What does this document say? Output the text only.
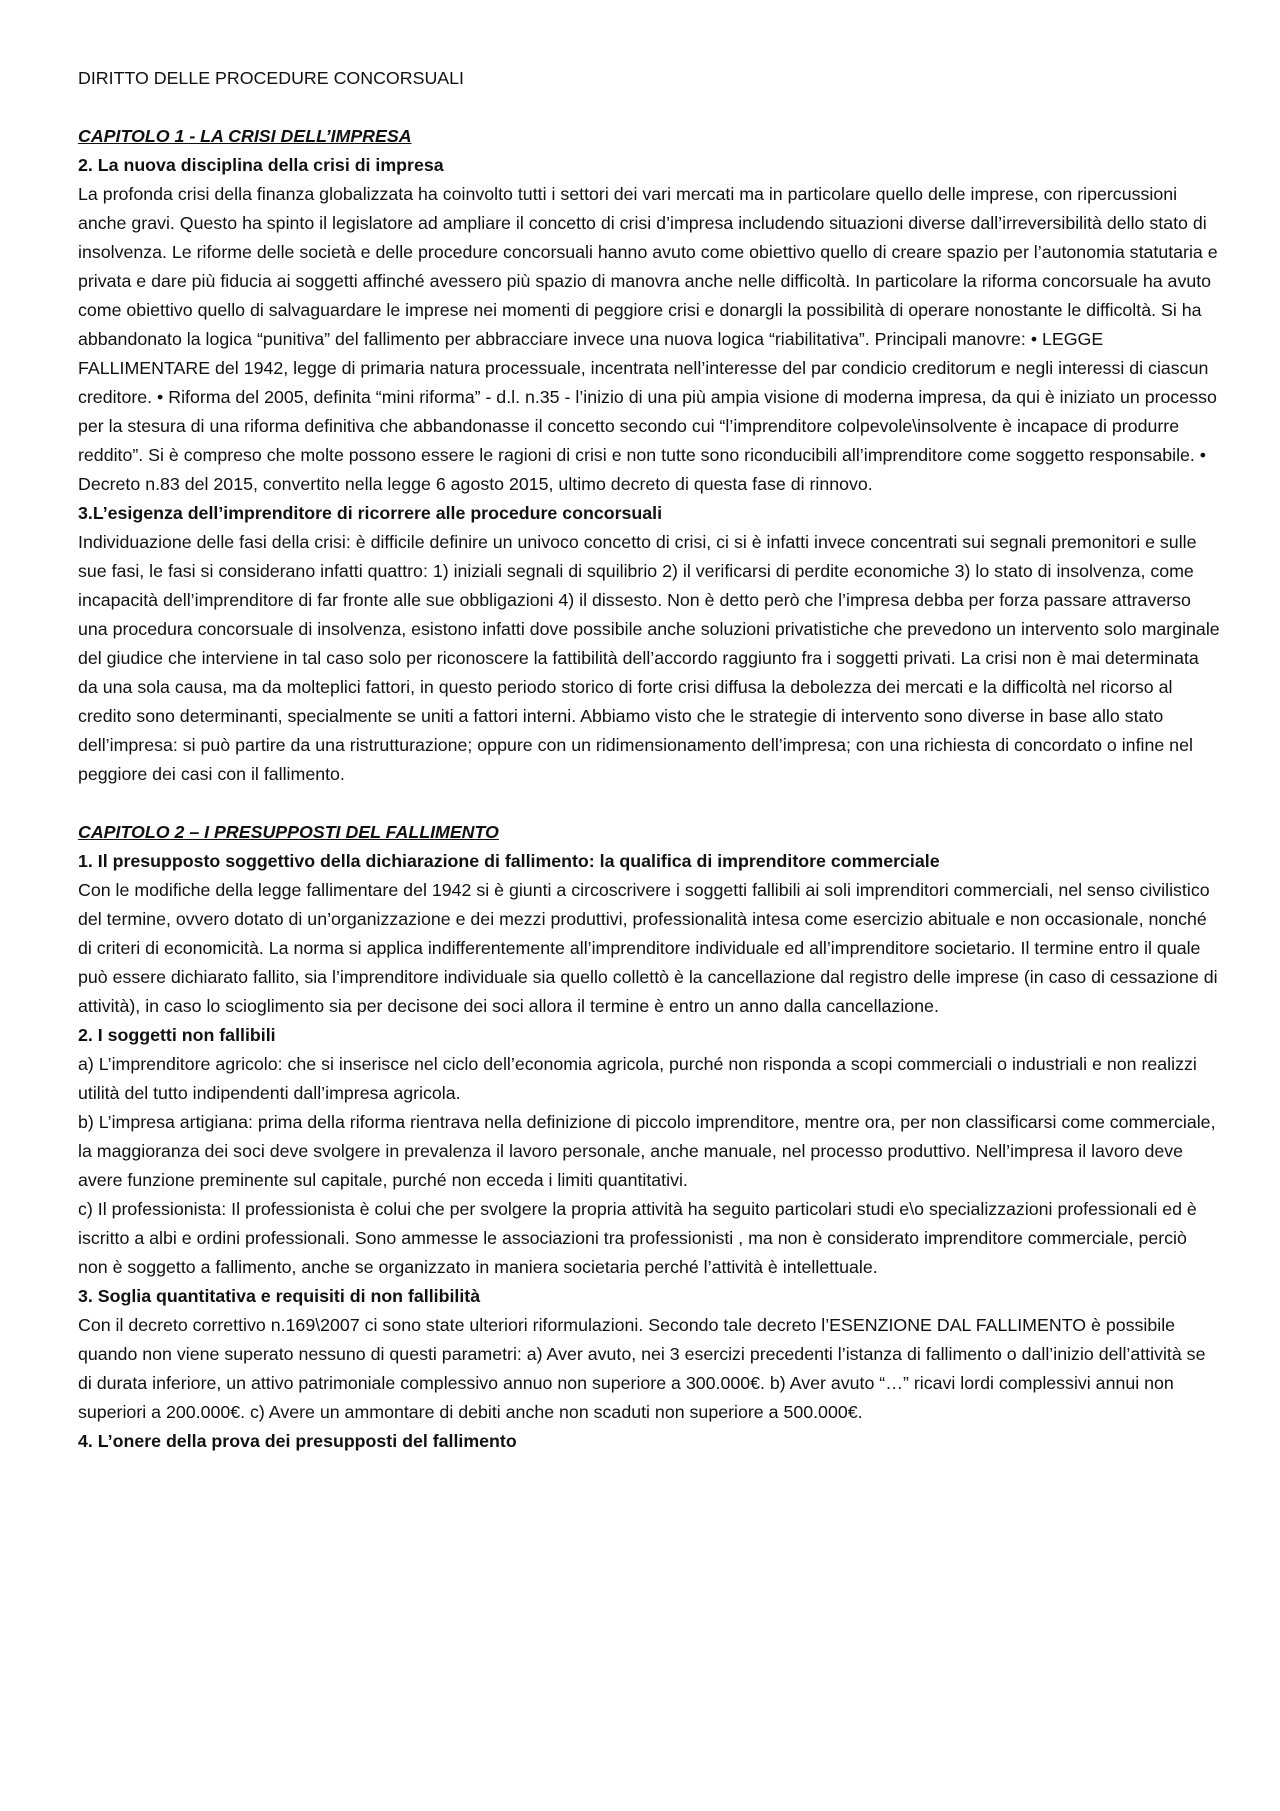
DIRITTO DELLE PROCEDURE CONCORSUALI
CAPITOLO 1 - LA CRISI DELL’IMPRESA
2. La nuova disciplina della crisi di impresa

La profonda crisi della finanza globalizzata ha coinvolto tutti i settori dei vari mercati ma in particolare quello delle imprese, con ripercussioni anche gravi. Questo ha spinto il legislatore ad ampliare il concetto di crisi d’impresa includendo situazioni diverse dall’irreversibilità dello stato di insolvenza. Le riforme delle società e delle procedure concorsuali hanno avuto come obiettivo quello di creare spazio per l’autonomia statutaria e privata e dare più fiducia ai soggetti affinché avessero più spazio di manovra anche nelle difficoltà. In particolare la riforma concorsuale ha avuto come obiettivo quello di salvaguardare le imprese nei momenti di peggiore crisi e donargli la possibilità di operare nonostante le difficoltà. Si ha abbandonato la logica “punitiva” del fallimento per abbracciare invece una nuova logica “riabilitativa”. Principali manovre: • LEGGE FALLIMENTARE del 1942, legge di primaria natura processuale, incentrata nell’interesse del par condicio creditorum e negli interessi di ciascun creditore. • Riforma del 2005, definita “mini riforma” - d.l. n.35 - l’inizio di una più ampia visione di moderna impresa, da qui è iniziato un processo per la stesura di una riforma definitiva che abbandonasse il concetto secondo cui “l’imprenditore colpevole\insolvente è incapace di produrre reddito”. Si è compreso che molte possono essere le ragioni di crisi e non tutte sono riconducibili all’imprenditore come soggetto responsabile. • Decreto n.83 del 2015, convertito nella legge 6 agosto 2015, ultimo decreto di questa fase di rinnovo.

3.L’esigenza dell’imprenditore di ricorrere alle procedure concorsuali

Individuazione delle fasi della crisi: è difficile definire un univoco concetto di crisi, ci si è infatti invece concentrati sui segnali premonitori e sulle sue fasi, le fasi si considerano infatti quattro: 1) iniziali segnali di squilibrio 2) il verificarsi di perdite economiche 3) lo stato di insolvenza, come incapacità dell’imprenditore di far fronte alle sue obbligazioni 4) il dissesto. Non è detto però che l’impresa debba per forza passare attraverso una procedura concorsuale di insolvenza, esistono infatti dove possibile anche soluzioni privatistiche che prevedono un intervento solo marginale del giudice che interviene in tal caso solo per riconoscere la fattibilità dell’accordo raggiunto fra i soggetti privati. La crisi non è mai determinata da una sola causa, ma da molteplici fattori, in questo periodo storico di forte crisi diffusa la debolezza dei mercati e la difficoltà nel ricorso al credito sono determinanti, specialmente se uniti a fattori interni. Abbiamo visto che le strategie di intervento sono diverse in base allo stato dell’impresa: si può partire da una ristrutturazione; oppure con un ridimensionamento dell’impresa; con una richiesta di concordato o infine nel peggiore dei casi con il fallimento.

CAPITOLO 2 – I PRESUPPOSTI DEL FALLIMENTO
1. Il presupposto soggettivo della dichiarazione di fallimento: la qualifica di imprenditore commerciale

Con le modifiche della legge fallimentare del 1942 si è giunti a circoscrivere i soggetti fallibili ai soli imprenditori commerciali, nel senso civilistico del termine, ovvero dotato di un’organizzazione e dei mezzi produttivi, professionalità intesa come esercizio abituale e non occasionale, nonché di criteri di economicità. La norma si applica indifferentemente all’imprenditore individuale ed all’imprenditore societario. Il termine entro il quale può essere dichiarato fallito, sia l’imprenditore individuale sia quello collettò è la cancellazione dal registro delle imprese (in caso di cessazione di attività), in caso lo scioglimento sia per decisone dei soci allora il termine è entro un anno dalla cancellazione.

2. I soggetti non fallibili

a) L’imprenditore agricolo: che si inserisce nel ciclo dell’economia agricola, purché non risponda a scopi commerciali o industriali e non realizzi utilità del tutto indipendenti dall’impresa agricola.

b) L’impresa artigiana: prima della riforma rientrava nella definizione di piccolo imprenditore, mentre ora, per non classificarsi come commerciale, la maggioranza dei soci deve svolgere in prevalenza il lavoro personale, anche manuale, nel processo produttivo. Nell’impresa il lavoro deve avere funzione preminente sul capitale, purché non ecceda i limiti quantitativi.

c) Il professionista: Il professionista è colui che per svolgere la propria attività ha seguito particolari studi e\o specializzazioni professionali ed è iscritto a albi e ordini professionali. Sono ammesse le associazioni tra professionisti , ma non è considerato imprenditore commerciale, perciò non è soggetto a fallimento, anche se organizzato in maniera societaria perché l’attività è intellettuale.

3. Soglia quantitativa e requisiti di non fallibilità

Con il decreto correttivo n.169\2007 ci sono state ulteriori riformulazioni. Secondo tale decreto l’ESENZIONE DAL FALLIMENTO è possibile quando non viene superato nessuno di questi parametri: a) Aver avuto, nei 3 esercizi precedenti l’istanza di fallimento o dall’inizio dell’attività se di durata inferiore, un attivo patrimoniale complessivo annuo non superiore a 300.000€. b) Aver avuto “…” ricavi lordi complessivi annui non superiori a 200.000€. c) Avere un ammontare di debiti anche non scaduti non superiore a 500.000€.

4. L’onere della prova dei presupposti del fallimento
